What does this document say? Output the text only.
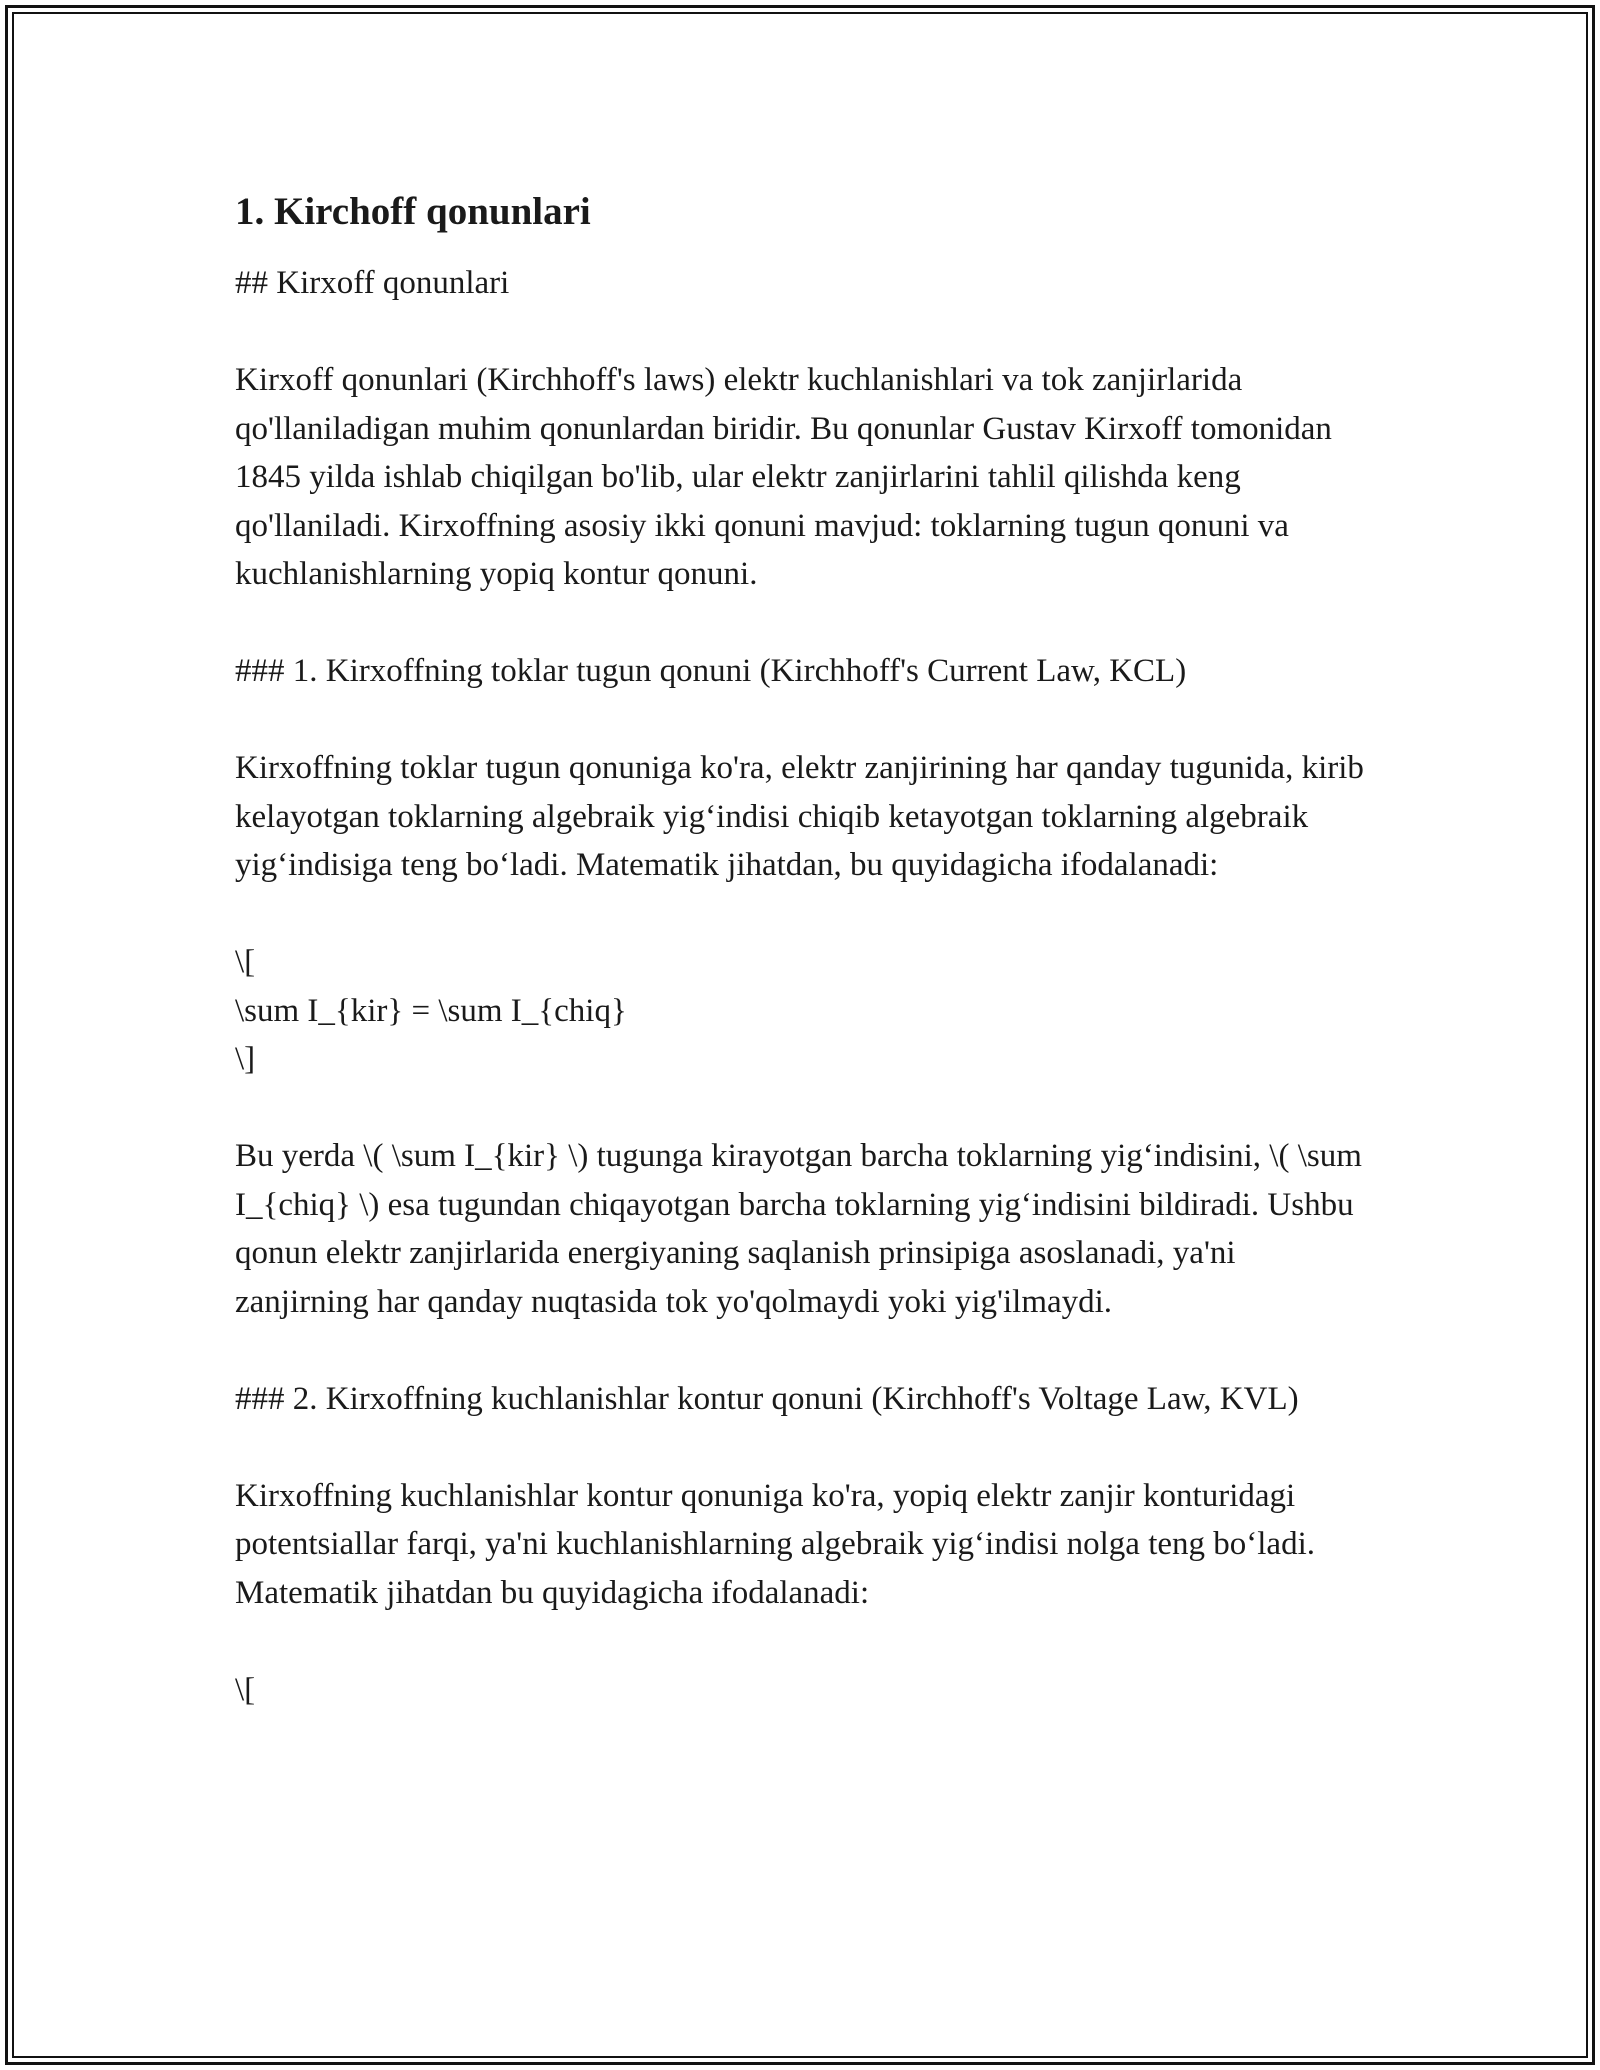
1. Kirchoff qonunlari

## Kirxoff qonunlari

Kirxoff qonunlari (Kirchhoff's laws) elektr kuchlanishlari va tok zanjirlarida qo'llaniladigan muhim qonunlardan biridir. Bu qonunlar Gustav Kirxoff tomonidan 1845 yilda ishlab chiqilgan bo'lib, ular elektr zanjirlarini tahlil qilishda keng qo'llaniladi. Kirxoffning asosiy ikki qonuni mavjud: toklarning tugun qonuni va kuchlanishlarning yopiq kontur qonuni.

### 1. Kirxoffning toklar tugun qonuni (Kirchhoff's Current Law, KCL)

Kirxoffning toklar tugun qonuniga ko'ra, elektr zanjirining har qanday tugunida, kirib kelayotgan toklarning algebraik yig‘indisi chiqib ketayotgan toklarning algebraik yig‘indisiga teng bo‘ladi. Matematik jihatdan, bu quyidagicha ifodalanadi:

\[
\sum I_{kir} = \sum I_{chiq}
\]

Bu yerda \( \sum I_{kir} \) tugunga kirayotgan barcha toklarning yig‘indisini, \( \sum I_{chiq} \) esa tugundan chiqayotgan barcha toklarning yig‘indisini bildiradi. Ushbu qonun elektr zanjirlarida energiyaning saqlanish prinsipiga asoslanadi, ya'ni zanjirning har qanday nuqtasida tok yo'qolmaydi yoki yig'ilmaydi.

### 2. Kirxoffning kuchlanishlar kontur qonuni (Kirchhoff's Voltage Law, KVL)

Kirxoffning kuchlanishlar kontur qonuniga ko'ra, yopiq elektr zanjir konturidagi potentsiallar farqi, ya'ni kuchlanishlarning algebraik yig‘indisi nolga teng bo‘ladi. Matematik jihatdan bu quyidagicha ifodalanadi:

\[
